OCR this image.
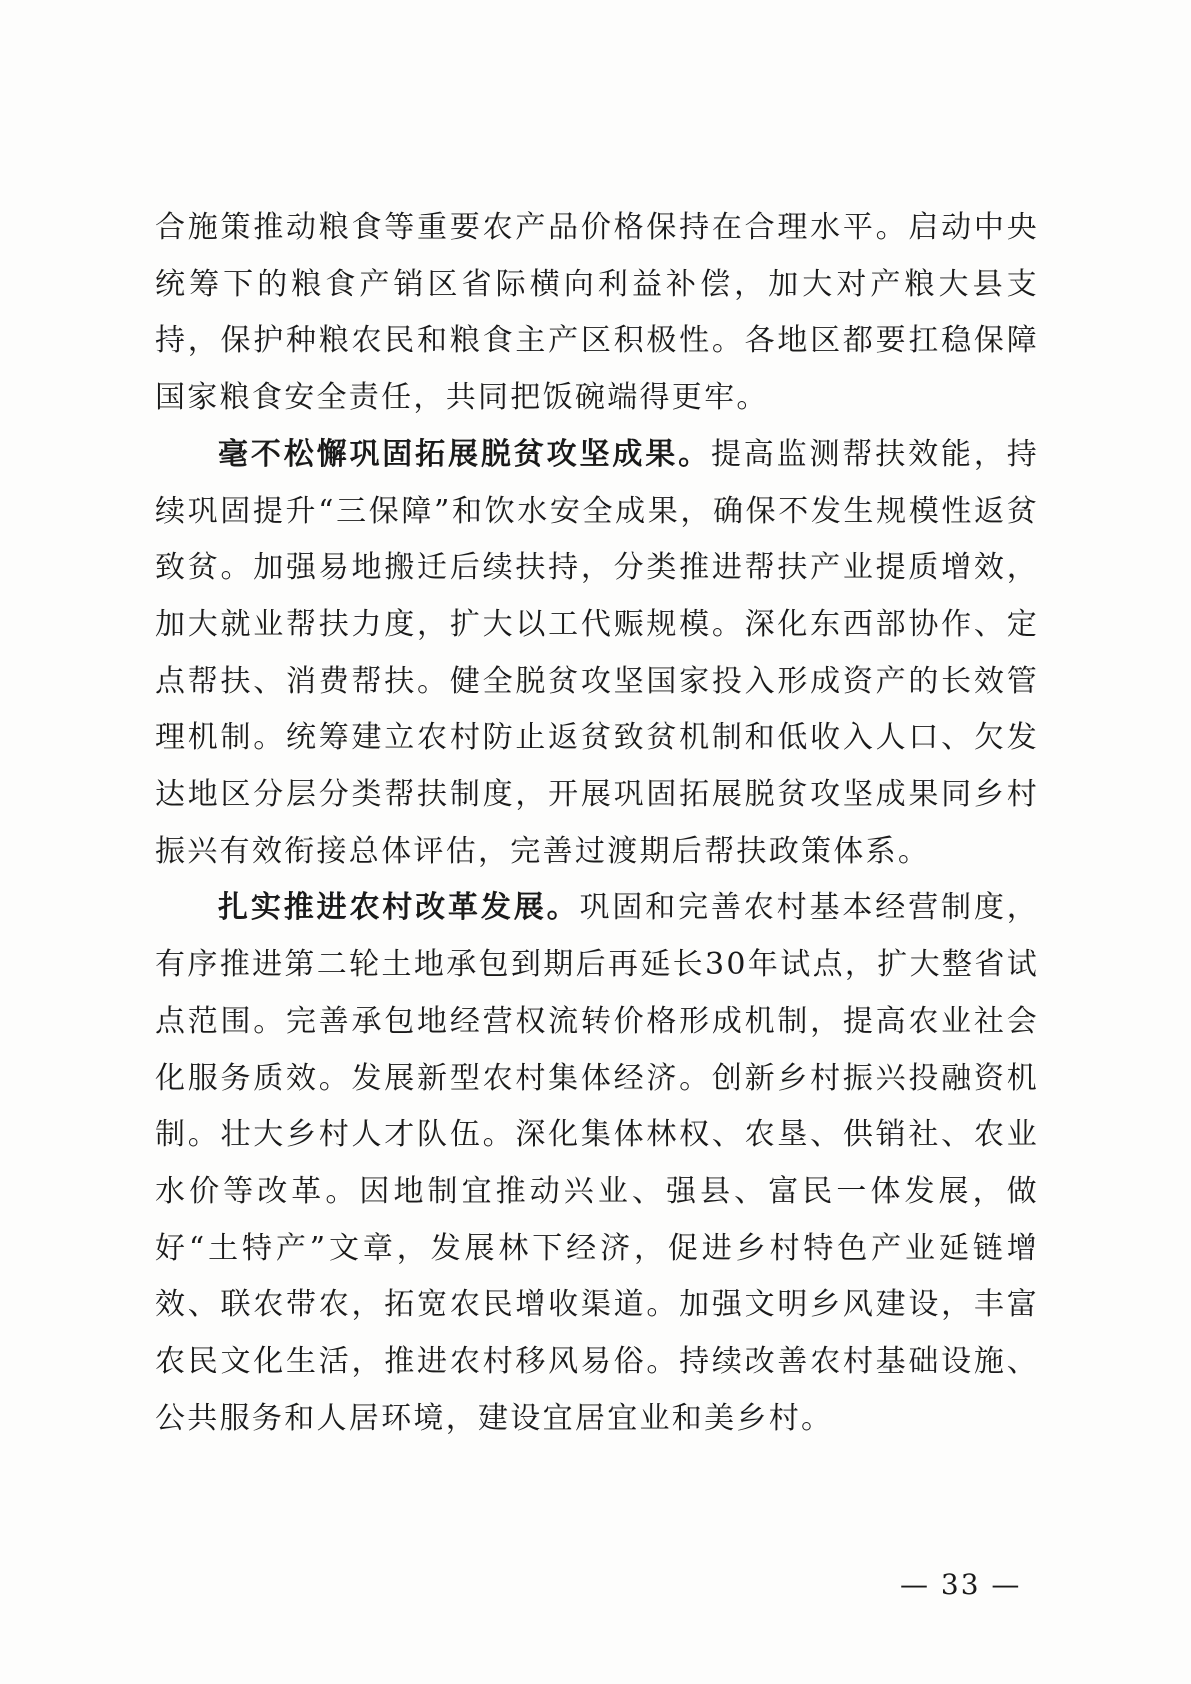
合施策推动粮食等重要农产品价格保持在合理水平。启动中央统筹下的粮食产销区省际横向利益补偿，加大对产粮大县支持，保护种粮农民和粮食主产区积极性。各地区都要扛稳保障国家粮食安全责任，共同把饭碗端得更牢。

毫不松懈巩固拓展脱贫攻坚成果。提高监测帮扶效能，持续巩固提升“三保障”和饮水安全成果，确保不发生规模性返贫致贫。加强易地搬迁后续扶持，分类推进帮扶产业提质增效，加大就业帮扶力度，扩大以工代赈规模。深化东西部协作、定点帮扶、消费帮扶。健全脱贫攻坚国家投入形成资产的长效管理机制。统筹建立农村防止返贫致贫机制和低收入人口、欠发达地区分层分类帮扶制度，开展巩固拓展脱贫攻坚成果同乡村振兴有效衔接总体评估，完善过渡期后帮扶政策体系。

扎实推进农村改革发展。巩固和完善农村基本经营制度，有序推进第二轮土地承包到期后再延长30年试点，扩大整省试点范围。完善承包地经营权流转价格形成机制，提高农业社会化服务质效。发展新型农村集体经济。创新乡村振兴投融资机制。壮大乡村人才队伍。深化集体林权、农垦、供销社、农业水价等改革。因地制宜推动兴业、强县、富民一体发展，做好“土特产”文章，发展林下经济，促进乡村特色产业延链增效、联农带农，拓宽农民增收渠道。加强文明乡风建设，丰富农民文化生活，推进农村移风易俗。持续改善农村基础设施、公共服务和人居环境，建设宜居宜业和美乡村。

— 33 —
